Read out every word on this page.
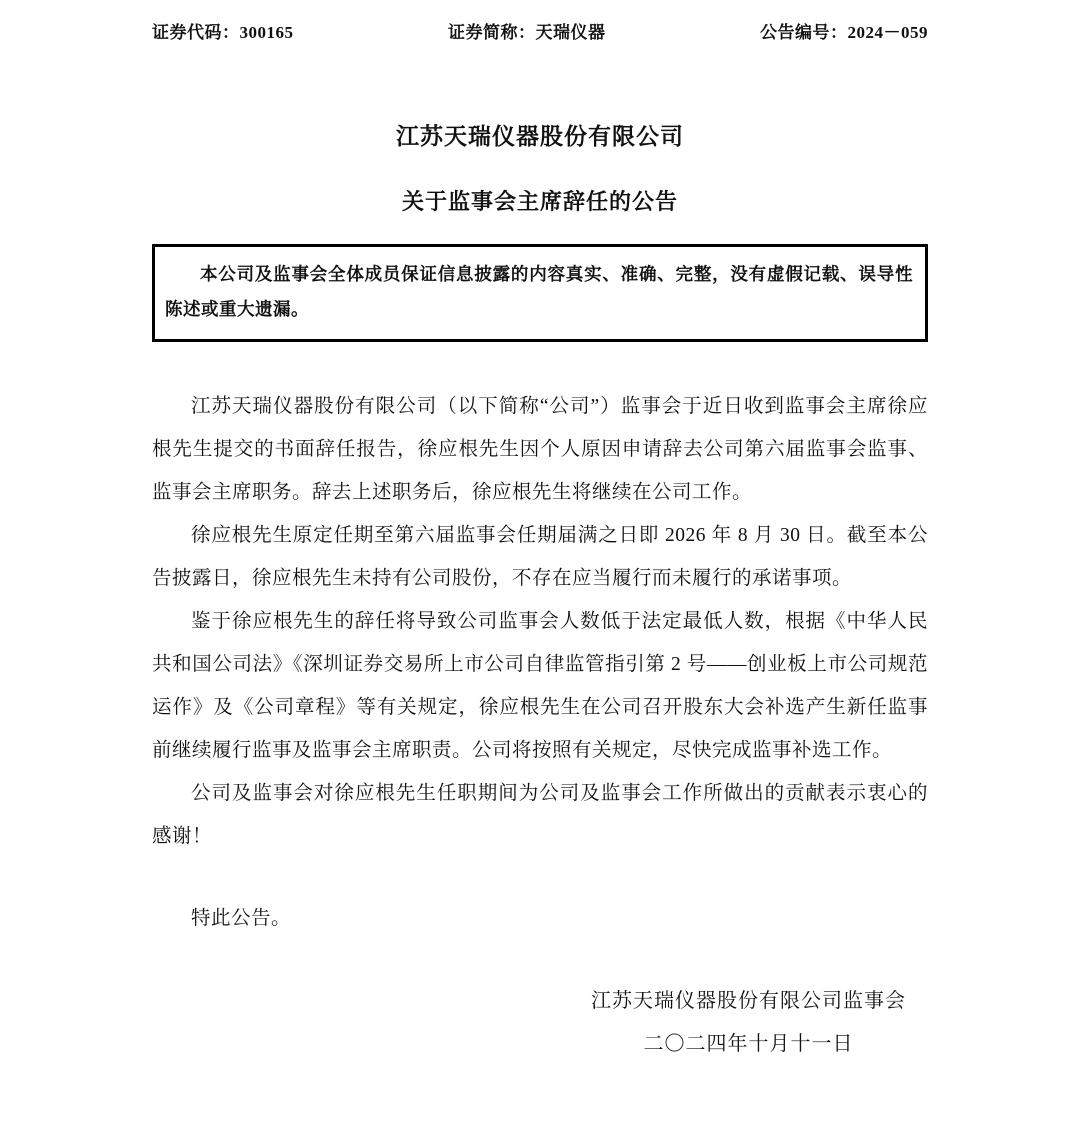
证券代码：300165	证券简称：天瑞仪器	公告编号：2024－059
江苏天瑞仪器股份有限公司
关于监事会主席辞任的公告

本公司及监事会全体成员保证信息披露的内容真实、准确、完整，没有虚假记载、误导性陈述或重大遗漏。

江苏天瑞仪器股份有限公司（以下简称“公司”）监事会于近日收到监事会主席徐应根先生提交的书面辞任报告，徐应根先生因个人原因申请辞去公司第六届监事会监事、监事会主席职务。辞去上述职务后，徐应根先生将继续在公司工作。

徐应根先生原定任期至第六届监事会任期届满之日即 2026 年 8 月 30 日。截至本公告披露日，徐应根先生未持有公司股份，不存在应当履行而未履行的承诺事项。

鉴于徐应根先生的辞任将导致公司监事会人数低于法定最低人数，根据《中华人民共和国公司法》《深圳证券交易所上市公司自律监管指引第 2 号——创业板上市公司规范运作》及《公司章程》等有关规定，徐应根先生在公司召开股东大会补选产生新任监事前继续履行监事及监事会主席职责。公司将按照有关规定，尽快完成监事补选工作。

公司及监事会对徐应根先生任职期间为公司及监事会工作所做出的贡献表示衷心的感谢！

特此公告。

江苏天瑞仪器股份有限公司监事会

二〇二四年十月十一日
